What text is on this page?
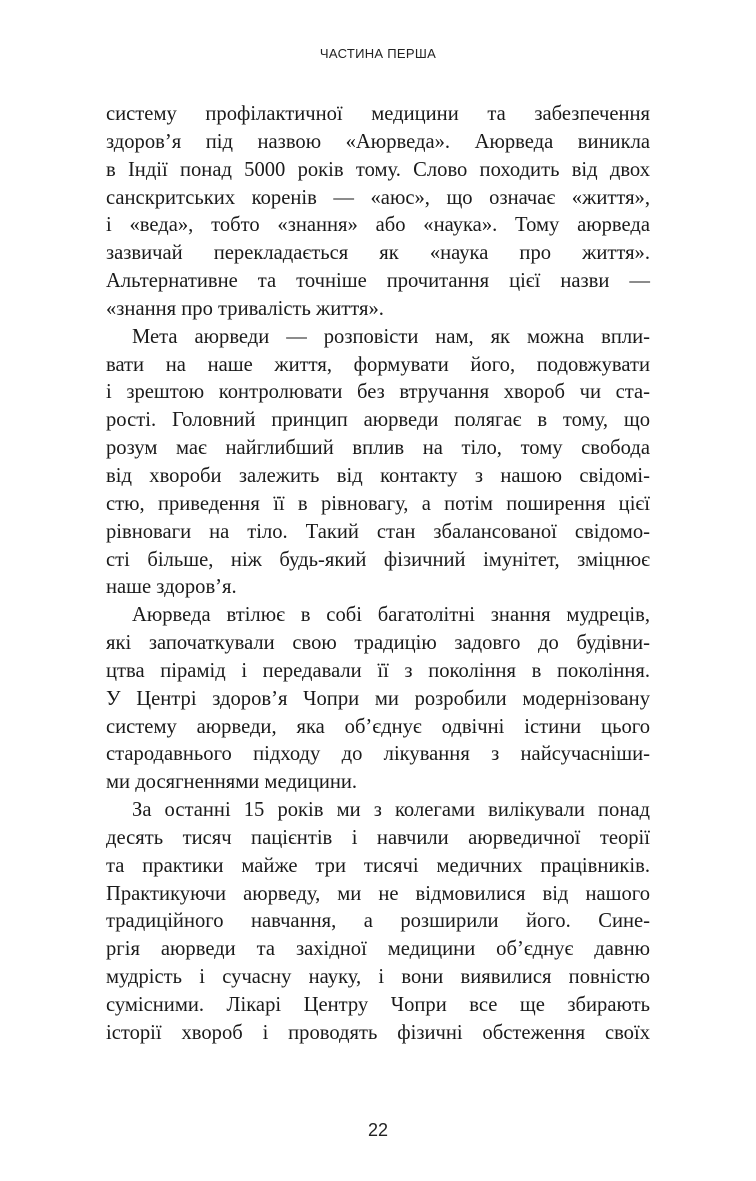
ЧАСТИНА ПЕРША

систему профілактичної медицини та забезпечення
здоров’я під назвою «Аюрведа». Аюрведа виникла
в Індії понад 5000 років тому. Слово походить від двох
санскритських коренів — «аюс», що означає «життя»,
і «веда», тобто «знання» або «наука». Тому аюрведа
зазвичай перекладається як «наука про життя».
Альтернативне та точніше прочитання цієї назви —
«знання про тривалість життя».

Мета аюрведи — розповісти нам, як можна впли-
вати на наше життя, формувати його, подовжувати
і зрештою контролювати без втручання хвороб чи ста-
рості. Головний принцип аюрведи полягає в тому, що
розум має найглибший вплив на тіло, тому свобода
від хвороби залежить від контакту з нашою свідомі-
стю, приведення її в рівновагу, а потім поширення цієї
рівноваги на тіло. Такий стан збалансованої свідомо-
сті більше, ніж будь-який фізичний імунітет, зміцнює
наше здоров’я.

Аюрведа втілює в собі багатолітні знання мудреців,
які започаткували свою традицію задовго до будівни-
цтва пірамід і передавали її з покоління в покоління.
У Центрі здоров’я Чопри ми розробили модернізовану
систему аюрведи, яка об’єднує одвічні істини цього
стародавнього підходу до лікування з найсучасніши-
ми досягненнями медицини.

За останні 15 років ми з колегами вилікували понад
десять тисяч пацієнтів і навчили аюрведичної теорії
та практики майже три тисячі медичних працівників.
Практикуючи аюрведу, ми не відмовилися від нашого
традиційного навчання, а розширили його. Сине-
ргія аюрведи та західної медицини об’єднує давню
мудрість і сучасну науку, і вони виявилися повністю
сумісними. Лікарі Центру Чопри все ще збирають
історії хвороб і проводять фізичні обстеження своїх

22
